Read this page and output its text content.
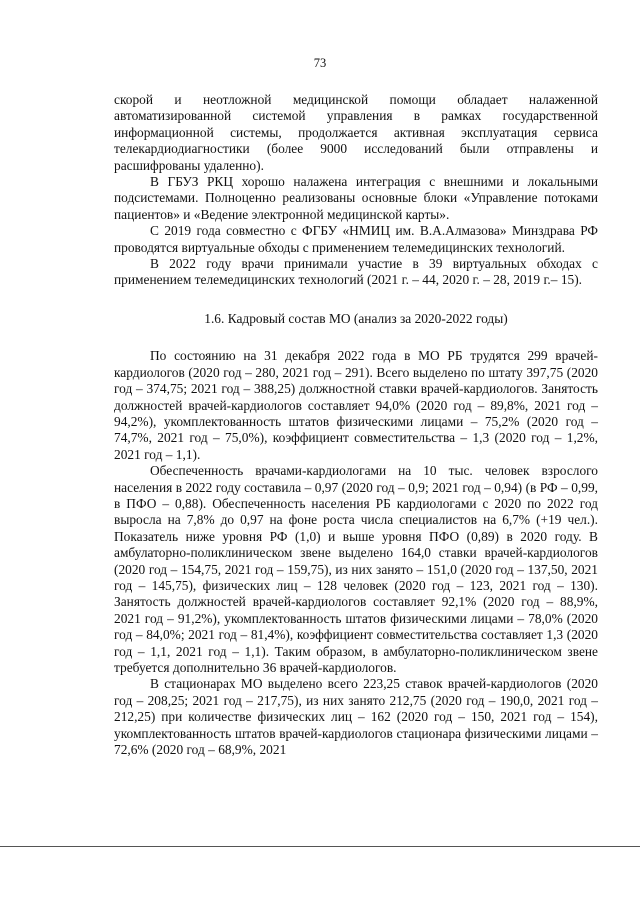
73

скорой и неотложной медицинской помощи обладает налаженной автоматизированной системой управления в рамках государственной информационной системы, продолжается активная эксплуатация сервиса телекардиодиагностики (более 9000 исследований были отправлены и расшифрованы удаленно).

В ГБУЗ РКЦ хорошо налажена интеграция с внешними и локальными подсистемами. Полноценно реализованы основные блоки «Управление потоками пациентов» и «Ведение электронной медицинской карты».

С 2019 года совместно с ФГБУ «НМИЦ им. В.А.Алмазова» Минздрава РФ проводятся виртуальные обходы с применением телемедицинских технологий.

В 2022 году врачи принимали участие в 39 виртуальных обходах с применением телемедицинских технологий (2021 г. – 44, 2020 г. – 28, 2019 г.– 15).

1.6. Кадровый состав МО (анализ за 2020-2022 годы)

По состоянию на 31 декабря 2022 года в МО РБ трудятся 299 врачей-кардиологов (2020 год – 280, 2021 год – 291). Всего выделено по штату 397,75 (2020 год – 374,75; 2021 год – 388,25) должностной ставки врачей-кардиологов. Занятость должностей врачей-кардиологов составляет 94,0% (2020 год – 89,8%, 2021 год – 94,2%), укомплектованность штатов физическими лицами – 75,2% (2020 год – 74,7%, 2021 год – 75,0%), коэффициент совместительства – 1,3 (2020 год – 1,2%, 2021 год – 1,1).

Обеспеченность врачами-кардиологами на 10 тыс. человек взрослого населения в 2022 году составила – 0,97 (2020 год – 0,9; 2021 год – 0,94) (в РФ – 0,99, в ПФО – 0,88). Обеспеченность населения РБ кардиологами с 2020 по 2022 год выросла на 7,8% до 0,97 на фоне роста числа специалистов на 6,7% (+19 чел.). Показатель ниже уровня РФ (1,0) и выше уровня ПФО (0,89) в 2020 году. В амбулаторно-поликлиническом звене выделено 164,0 ставки врачей-кардиологов (2020 год – 154,75, 2021 год – 159,75), из них занято – 151,0 (2020 год – 137,50, 2021 год – 145,75), физических лиц – 128 человек (2020 год – 123, 2021 год – 130). Занятость должностей врачей-кардиологов составляет 92,1% (2020 год – 88,9%, 2021 год – 91,2%), укомплектованность штатов физическими лицами – 78,0% (2020 год – 84,0%; 2021 год – 81,4%), коэффициент совместительства составляет 1,3 (2020 год – 1,1, 2021 год – 1,1). Таким образом, в амбулаторно-поликлиническом звене требуется дополнительно 36 врачей-кардиологов.

В стационарах МО выделено всего 223,25 ставок врачей-кардиологов (2020 год – 208,25; 2021 год – 217,75), из них занято 212,75 (2020 год – 190,0, 2021 год – 212,25) при количестве физических лиц – 162 (2020 год – 150, 2021 год – 154), укомплектованность штатов врачей-кардиологов стационара физическими лицами – 72,6% (2020 год – 68,9%, 2021
